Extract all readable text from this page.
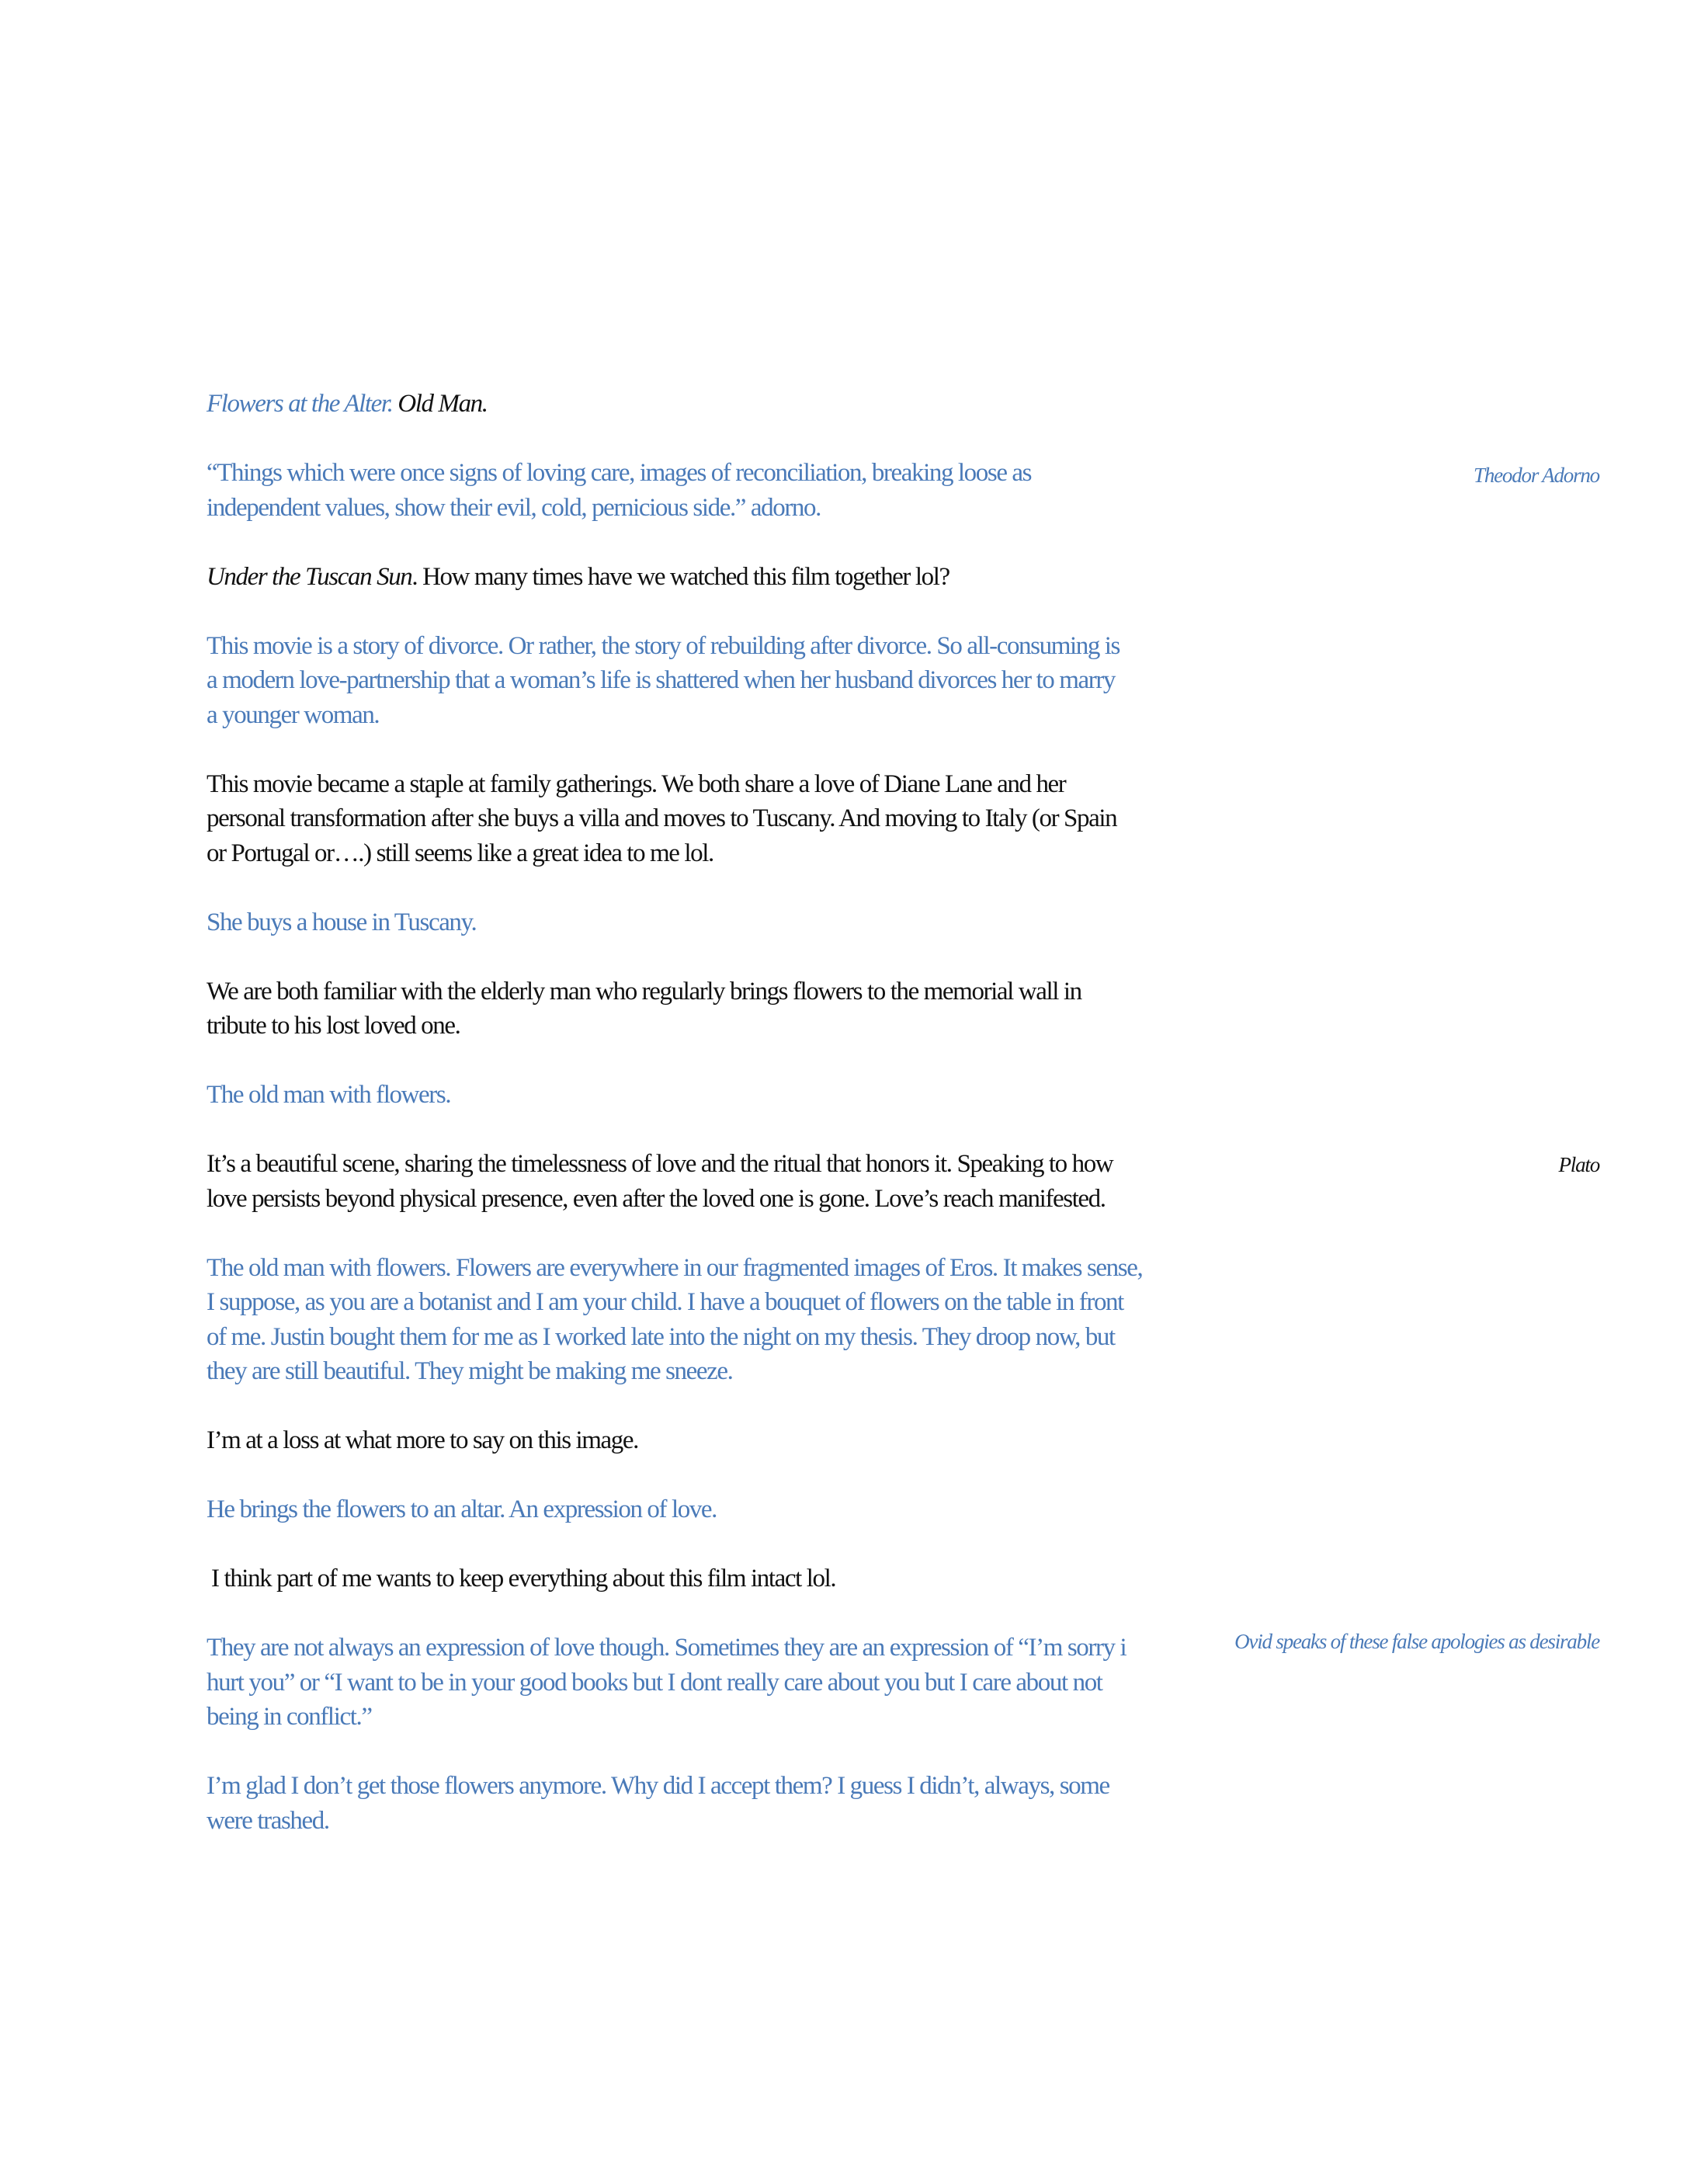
Flowers at the Alter. Old Man.

“Things which were once signs of loving care, images of reconciliation, breaking loose as
independent values, show their evil, cold, pernicious side.” adorno.

Under the Tuscan Sun. How many times have we watched this film together lol?

This movie is a story of divorce. Or rather, the story of rebuilding after divorce. So all-consuming is
a modern love-partnership that a woman’s life is shattered when her husband divorces her to marry
a younger woman.

This movie became a staple at family gatherings. We both share a love of Diane Lane and her
personal transformation after she buys a villa and moves to Tuscany. And moving to Italy (or Spain
or Portugal or….) still seems like a great idea to me lol.

She buys a house in Tuscany.

We are both familiar with the elderly man who regularly brings flowers to the memorial wall in
tribute to his lost loved one.

The old man with flowers.

It’s a beautiful scene, sharing the timelessness of love and the ritual that honors it. Speaking to how
love persists beyond physical presence, even after the loved one is gone. Love’s reach manifested.

The old man with flowers. Flowers are everywhere in our fragmented images of Eros. It makes sense,
I suppose, as you are a botanist and I am your child. I have a bouquet of flowers on the table in front
of me. Justin bought them for me as I worked late into the night on my thesis. They droop now, but
they are still beautiful. They might be making me sneeze.

I’m at a loss at what more to say on this image.

He brings the flowers to an altar. An expression of love.

I think part of me wants to keep everything about this film intact lol.

They are not always an expression of love though. Sometimes they are an expression of “I’m sorry i
hurt you” or “I want to be in your good books but I dont really care about you but I care about not
being in conflict.”

I’m glad I don’t get those flowers anymore. Why did I accept them? I guess I didn’t, always, some
were trashed.

Theodor Adorno
Plato
Ovid speaks of these false apologies as desirable
